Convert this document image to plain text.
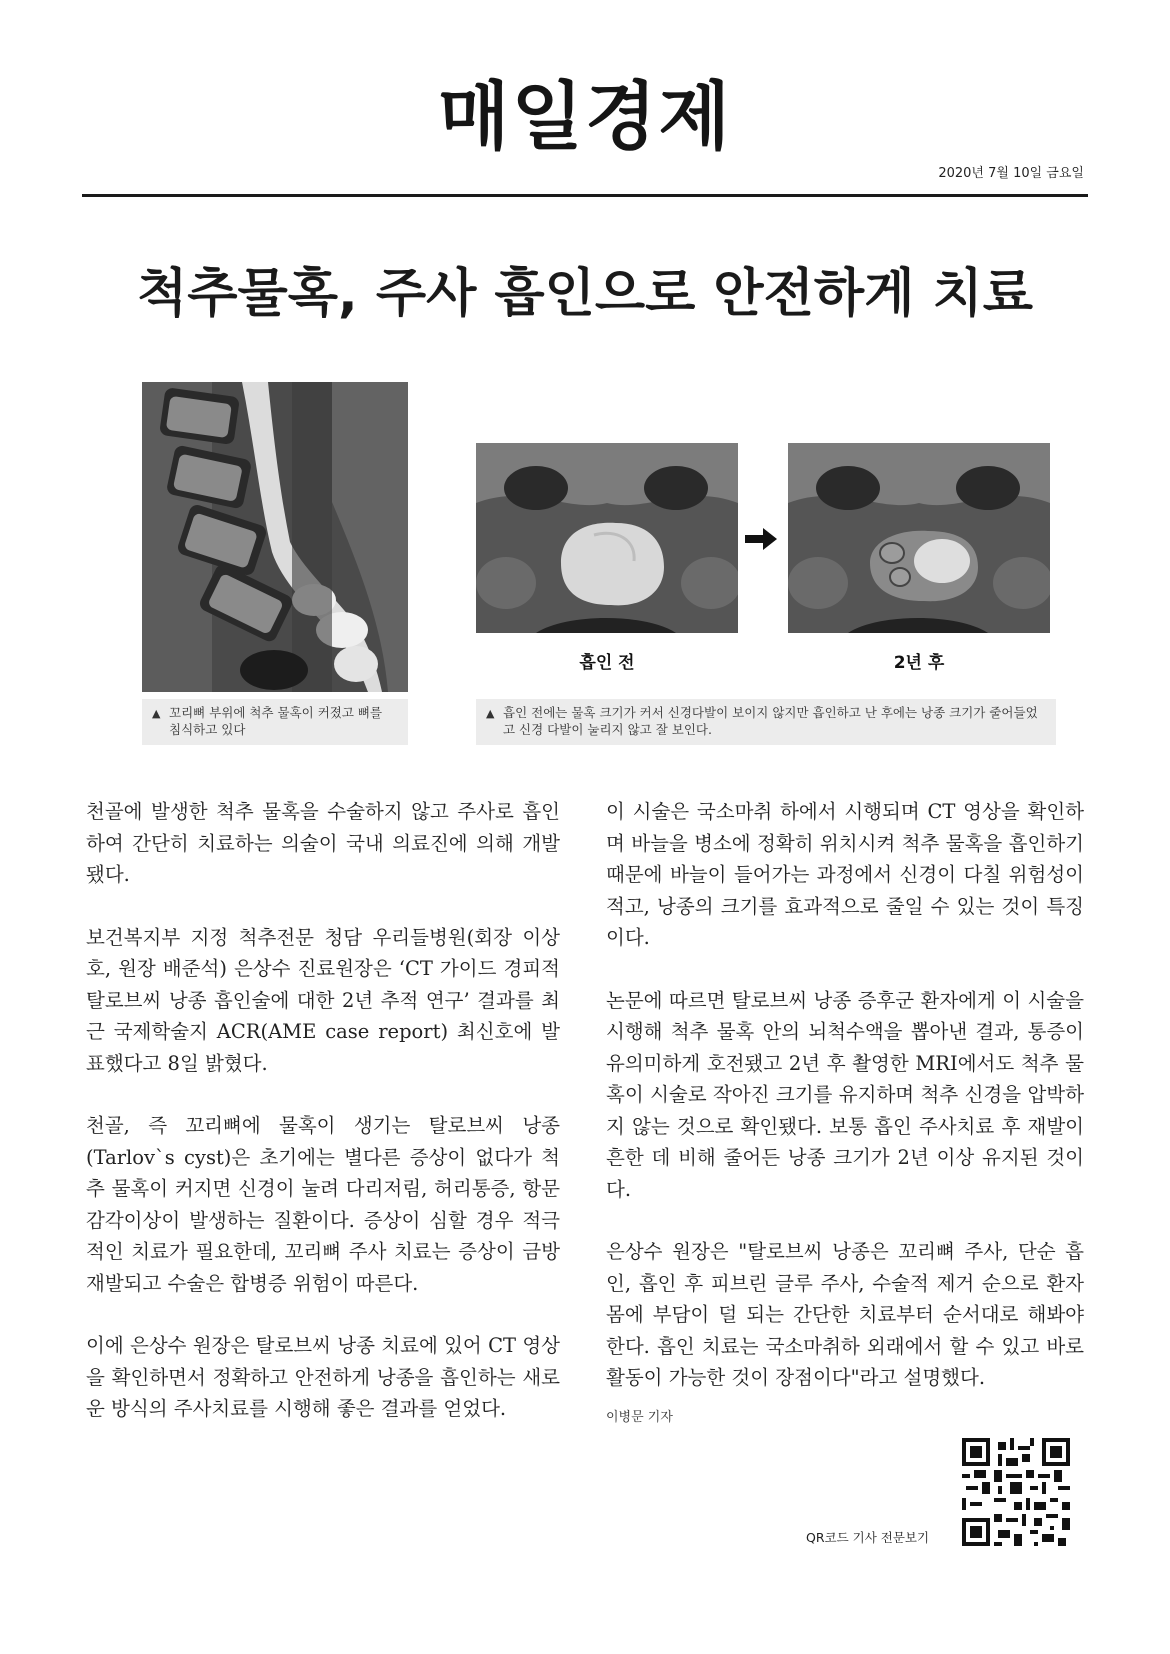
매일경제
2020년 7월 10일 금요일
척추물혹, 주사 흡인으로 안전하게 치료
흡인 전	2년 후
▲ 꼬리뼈 부위에 척추 물혹이 커졌고 뼈를 침식하고 있다
▲ 흡인 전에는 물혹 크기가 커서 신경다발이 보이지 않지만 흡인하고 난 후에는 낭종 크기가 줄어들었고 신경 다발이 눌리지 않고 잘 보인다.

천골에 발생한 척추 물혹을 수술하지 않고 주사로 흡인하여 간단히 치료하는 의술이 국내 의료진에 의해 개발됐다.

보건복지부 지정 척추전문 청담 우리들병원(회장 이상호, 원장 배준석) 은상수 진료원장은 ‘CT 가이드 경피적 탈로브씨 낭종 흡인술에 대한 2년 추적 연구’ 결과를 최근 국제학술지 ACR(AME case report) 최신호에 발표했다고 8일 밝혔다.

천골, 즉 꼬리뼈에 물혹이 생기는 탈로브씨 낭종(Tarlov`s cyst)은 초기에는 별다른 증상이 없다가 척추 물혹이 커지면 신경이 눌려 다리저림, 허리통증, 항문 감각이상이 발생하는 질환이다. 증상이 심할 경우 적극적인 치료가 필요한데, 꼬리뼈 주사 치료는 증상이 금방 재발되고 수술은 합병증 위험이 따른다.

이에 은상수 원장은 탈로브씨 낭종 치료에 있어 CT 영상을 확인하면서 정확하고 안전하게 낭종을 흡인하는 새로운 방식의 주사치료를 시행해 좋은 결과를 얻었다.

이 시술은 국소마취 하에서 시행되며 CT 영상을 확인하며 바늘을 병소에 정확히 위치시켜 척추 물혹을 흡인하기 때문에 바늘이 들어가는 과정에서 신경이 다칠 위험성이 적고, 낭종의 크기를 효과적으로 줄일 수 있는 것이 특징이다.

논문에 따르면 탈로브씨 낭종 증후군 환자에게 이 시술을 시행해 척추 물혹 안의 뇌척수액을 뽑아낸 결과, 통증이 유의미하게 호전됐고 2년 후 촬영한 MRI에서도 척추 물혹이 시술로 작아진 크기를 유지하며 척추 신경을 압박하지 않는 것으로 확인됐다. 보통 흡인 주사치료 후 재발이 흔한 데 비해 줄어든 낭종 크기가 2년 이상 유지된 것이다.

은상수 원장은 "탈로브씨 낭종은 꼬리뼈 주사, 단순 흡인, 흡인 후 피브린 글루 주사, 수술적 제거 순으로 환자 몸에 부담이 덜 되는 간단한 치료부터 순서대로 해봐야 한다. 흡인 치료는 국소마취하 외래에서 할 수 있고 바로 활동이 가능한 것이 장점이다"라고 설명했다.

이병문 기자
QR코드 기사 전문보기
